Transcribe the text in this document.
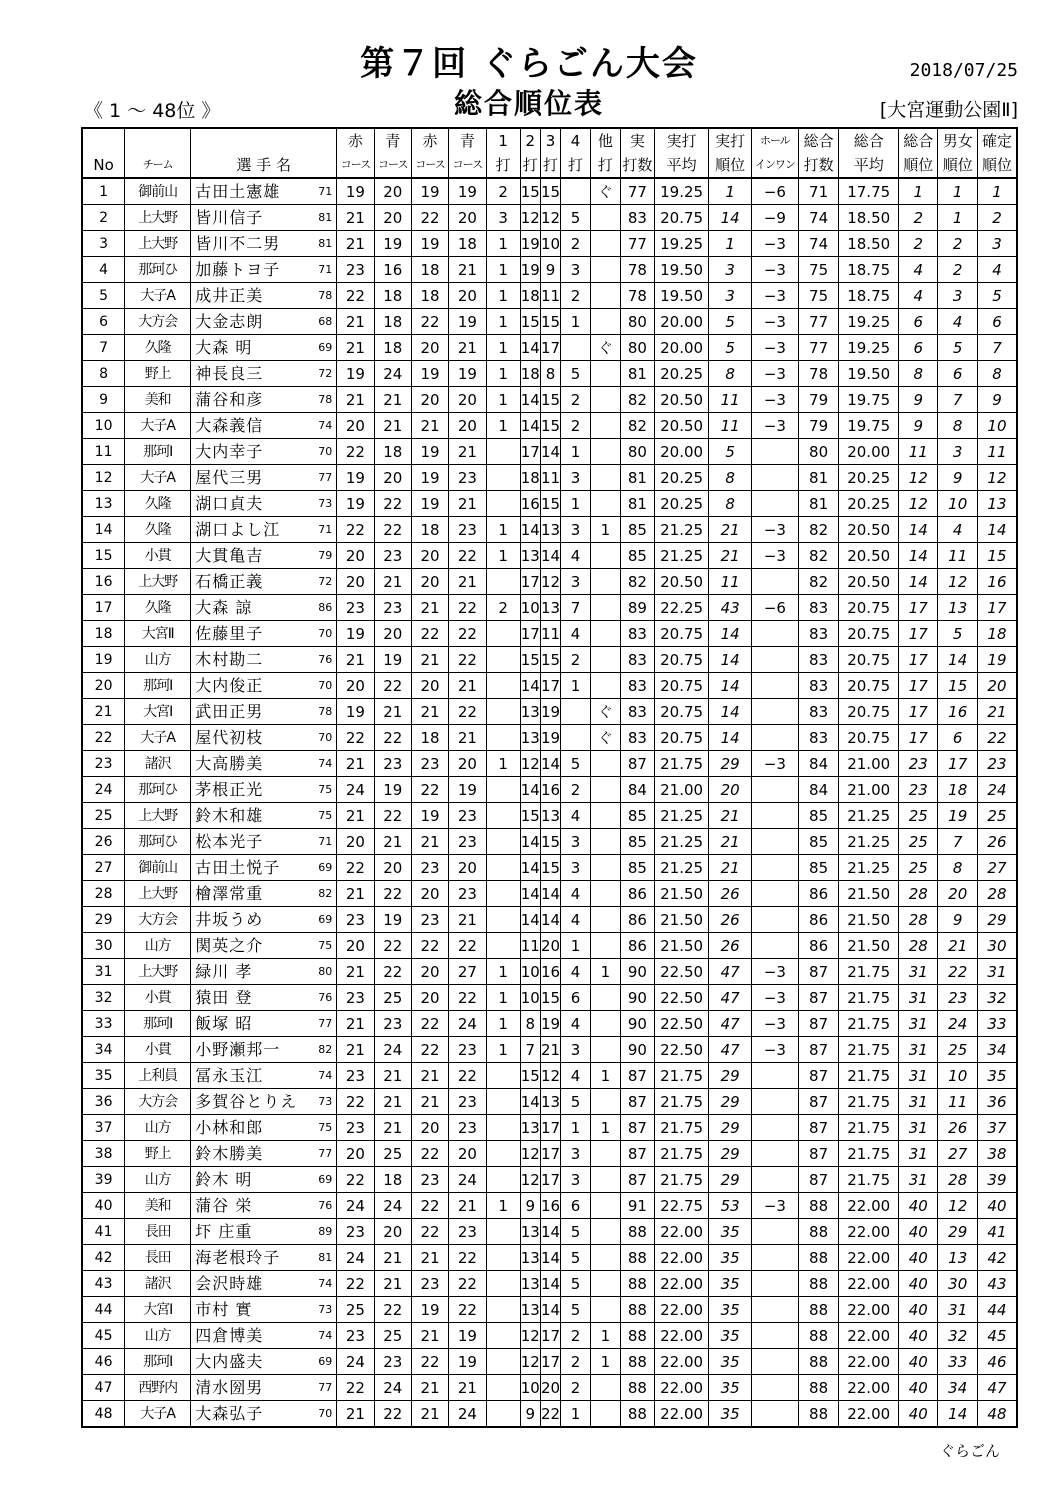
第７回 ぐらごん大会	2018/07/25
総合順位表
《 1 ～ 48位 》	[大宮運動公園Ⅱ]
			赤	青	赤	青	1	2	3	4	他	実	実打	実打	ホール	総合	総合	総合	男女	確定
No	チーム	選 手 名	コース	コース	コース	コース	打	打	打	打	打	打数	平均	順位	インワン	打数	平均	順位	順位	順位
1	御前山	古田土憲雄 71	19	20	19	19	2	15	15		ぐ	77	19.25	1	−6	71	17.75	1	1	1
2	上大野	皆川信子 81	21	20	22	20	3	12	12	5		83	20.75	14	−9	74	18.50	2	1	2
3	上大野	皆川不二男 81	21	19	19	18	1	19	10	2		77	19.25	1	−3	74	18.50	2	2	3
4	那珂ひ	加藤トヨ子 71	23	16	18	21	1	19	9	3		78	19.50	3	−3	75	18.75	4	2	4
5	大子A	成井正美 78	22	18	18	20	1	18	11	2		78	19.50	3	−3	75	18.75	4	3	5
6	大方会	大金志朗 68	21	18	22	19	1	15	15	1		80	20.00	5	−3	77	19.25	6	4	6
7	久隆	大森 明 69	21	18	20	21	1	14	17		ぐ	80	20.00	5	−3	77	19.25	6	5	7
8	野上	神長良三 72	19	24	19	19	1	18	8	5		81	20.25	8	−3	78	19.50	8	6	8
9	美和	蒲谷和彦 78	21	21	20	20	1	14	15	2		82	20.50	11	−3	79	19.75	9	7	9
10	大子A	大森義信 74	20	21	21	20	1	14	15	2		82	20.50	11	−3	79	19.75	9	8	10
11	那珂Ⅰ	大内幸子 70	22	18	19	21		17	14	1		80	20.00	5		80	20.00	11	3	11
12	大子A	屋代三男 77	19	20	19	23		18	11	3		81	20.25	8		81	20.25	12	9	12
13	久隆	湖口貞夫 73	19	22	19	21		16	15	1		81	20.25	8		81	20.25	12	10	13
14	久隆	湖口よし江 71	22	22	18	23	1	14	13	3	1	85	21.25	21	−3	82	20.50	14	4	14
15	小貫	大貫亀吉 79	20	23	20	22	1	13	14	4		85	21.25	21	−3	82	20.50	14	11	15
16	上大野	石橋正義 72	20	21	20	21		17	12	3		82	20.50	11		82	20.50	14	12	16
17	久隆	大森 諒 86	23	23	21	22	2	10	13	7		89	22.25	43	−6	83	20.75	17	13	17
18	大宮Ⅱ	佐藤里子 70	19	20	22	22		17	11	4		83	20.75	14		83	20.75	17	5	18
19	山方	木村勘二 76	21	19	21	22		15	15	2		83	20.75	14		83	20.75	17	14	19
20	那珂Ⅰ	大内俊正 70	20	22	20	21		14	17	1		83	20.75	14		83	20.75	17	15	20
21	大宮Ⅰ	武田正男 78	19	21	21	22		13	19		ぐ	83	20.75	14		83	20.75	17	16	21
22	大子A	屋代初枝 70	22	22	18	21		13	19		ぐ	83	20.75	14		83	20.75	17	6	22
23	諸沢	大高勝美 74	21	23	23	20	1	12	14	5		87	21.75	29	−3	84	21.00	23	17	23
24	那珂ひ	茅根正光 75	24	19	22	19		14	16	2		84	21.00	20		84	21.00	23	18	24
25	上大野	鈴木和雄 75	21	22	19	23		15	13	4		85	21.25	21		85	21.25	25	19	25
26	那珂ひ	松本光子 71	20	21	21	23		14	15	3		85	21.25	21		85	21.25	25	7	26
27	御前山	古田土悦子 69	22	20	23	20		14	15	3		85	21.25	21		85	21.25	25	8	27
28	上大野	檜澤常重 82	21	22	20	23		14	14	4		86	21.50	26		86	21.50	28	20	28
29	大方会	井坂うめ 69	23	19	23	21		14	14	4		86	21.50	26		86	21.50	28	9	29
30	山方	関英之介 75	20	22	22	22		11	20	1		86	21.50	26		86	21.50	28	21	30
31	上大野	緑川 孝 80	21	22	20	27	1	10	16	4	1	90	22.50	47	−3	87	21.75	31	22	31
32	小貫	猿田 登 76	23	25	20	22	1	10	15	6		90	22.50	47	−3	87	21.75	31	23	32
33	那珂Ⅰ	飯塚 昭 77	21	23	22	24	1	8	19	4		90	22.50	47	−3	87	21.75	31	24	33
34	小貫	小野瀬邦一 82	21	24	22	23	1	7	21	3		90	22.50	47	−3	87	21.75	31	25	34
35	上利員	冨永玉江 74	23	21	21	22		15	12	4	1	87	21.75	29		87	21.75	31	10	35
36	大方会	多賀谷とりえ 73	22	21	21	23		14	13	5		87	21.75	29		87	21.75	31	11	36
37	山方	小林和郎 75	23	21	20	23		13	17	1	1	87	21.75	29		87	21.75	31	26	37
38	野上	鈴木勝美 77	20	25	22	20		12	17	3		87	21.75	29		87	21.75	31	27	38
39	山方	鈴木 明 69	22	18	23	24		12	17	3		87	21.75	29		87	21.75	31	28	39
40	美和	蒲谷 栄 76	24	24	22	21	1	9	16	6		91	22.75	53	−3	88	22.00	40	12	40
41	長田	圷 庄重 89	23	20	22	23		13	14	5		88	22.00	35		88	22.00	40	29	41
42	長田	海老根玲子 81	24	21	21	22		13	14	5		88	22.00	35		88	22.00	40	13	42
43	諸沢	会沢時雄 74	22	21	23	22		13	14	5		88	22.00	35		88	22.00	40	30	43
44	大宮Ⅰ	市村 實 73	25	22	19	22		13	14	5		88	22.00	35		88	22.00	40	31	44
45	山方	四倉博美 74	23	25	21	19		12	17	2	1	88	22.00	35		88	22.00	40	32	45
46	那珂Ⅰ	大内盛夫 69	24	23	22	19		12	17	2	1	88	22.00	35		88	22.00	40	33	46
47	西野内	清水圀男 77	22	24	21	21		10	20	2		88	22.00	35		88	22.00	40	34	47
48	大子A	大森弘子 70	21	22	21	24		9	22	1		88	22.00	35		88	22.00	40	14	48
ぐらごん
